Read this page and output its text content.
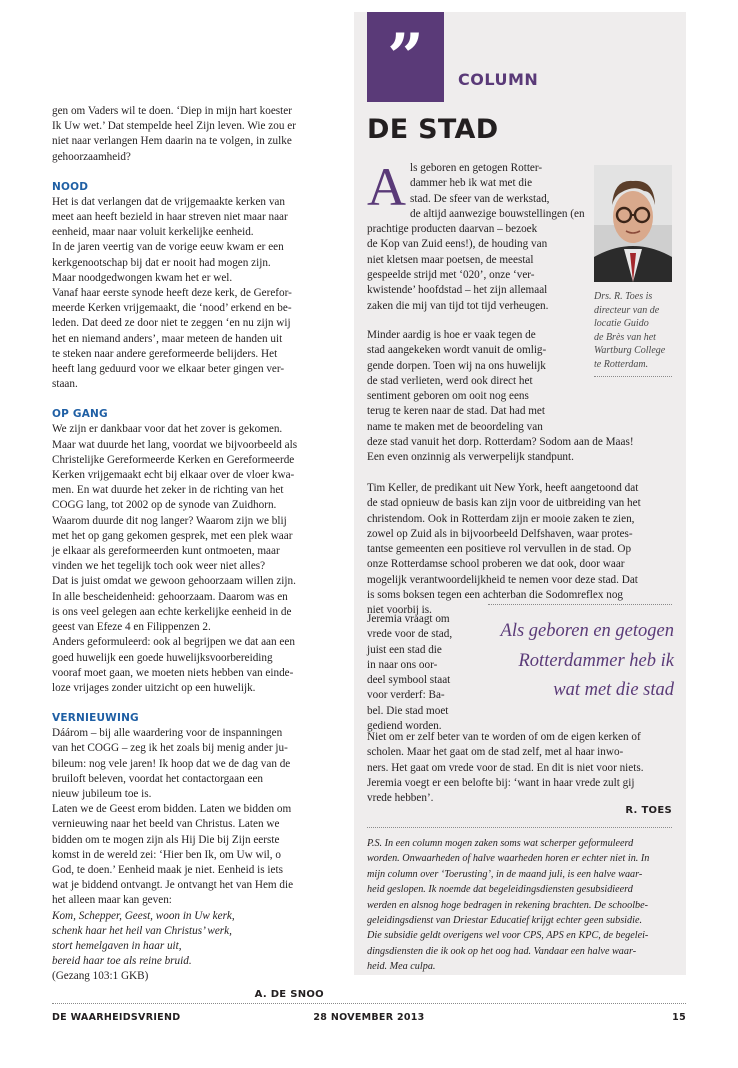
gen om Vaders wil te doen. ‘Diep in mijn hart koester
Ik Uw wet.’ Dat stempelde heel Zijn leven. Wie zou er
niet naar verlangen Hem daarin na te volgen, in zulke
gehoorzaamheid?

NOOD

Het is dat verlangen dat de vrijgemaakte kerken van
meet aan heeft bezield in haar streven niet maar naar
eenheid, maar naar voluit kerkelijke eenheid.
In de jaren veertig van de vorige eeuw kwam er een
kerkgenootschap bij dat er nooit had mogen zijn.
Maar noodgedwongen kwam het er wel.
Vanaf haar eerste synode heeft deze kerk, de Gerefor-
meerde Kerken vrijgemaakt, die ‘nood’ erkend en be-
leden. Dat deed ze door niet te zeggen ‘en nu zijn wij
het en niemand anders’, maar meteen de handen uit
te steken naar andere gereformeerde belijders. Het
heeft lang geduurd voor we elkaar beter gingen ver-
staan.

OP GANG

We zijn er dankbaar voor dat het zover is gekomen.
Maar wat duurde het lang, voordat we bijvoorbeeld als
Christelijke Gereformeerde Kerken en Gereformeerde
Kerken vrijgemaakt echt bij elkaar over de vloer kwa-
men. En wat duurde het zeker in de richting van het
COGG lang, tot 2002 op de synode van Zuidhorn.
Waarom duurde dit nog langer? Waarom zijn we blij
met het op gang gekomen gesprek, met een plek waar
je elkaar als gereformeerden kunt ontmoeten, maar
vinden we het tegelijk toch ook weer niet alles?
Dat is juist omdat we gewoon gehoorzaam willen zijn.
In alle bescheidenheid: gehoorzaam. Daarom was en
is ons veel gelegen aan echte kerkelijke eenheid in de
geest van Efeze 4 en Filippenzen 2.
Anders geformuleerd: ook al begrijpen we dat aan een
goed huwelijk een goede huwelijksvoorbereiding
vooraf moet gaan, we moeten niets hebben van einde-
loze vrijages zonder uitzicht op een huwelijk.

VERNIEUWING

Dáárom – bij alle waardering voor de inspanningen
van het COGG – zeg ik het zoals bij menig ander ju-
bileum: nog vele jaren! Ik hoop dat we de dag van de
bruiloft beleven, voordat het contactorgaan een
nieuw jubileum toe is.
Laten we de Geest erom bidden. Laten we bidden om
vernieuwing naar het beeld van Christus. Laten we
bidden om te mogen zijn als Hij Die bij Zijn eerste
komst in de wereld zei: ‘Hier ben Ik, om Uw wil, o
God, te doen.’ Eenheid maak je niet. Eenheid is iets
wat je biddend ontvangt. Je ontvangt het van Hem die
het alleen maar kan geven:
Kom, Schepper, Geest, woon in Uw kerk,
schenk haar het heil van Christus’ werk,
stort hemelgaven in haar uit,
bereid haar toe als reine bruid.

(Gezang 103:1 GKB)

A. DE SNOO

”	COLUMN
DE STAD
A ls geboren en getogen Rotter-
dammer heb ik wat met die
stad. De sfeer van de werkstad,
de altijd aanwezige bouwstellingen (en
prachtige producten daarvan – bezoek
de Kop van Zuid eens!), de houding van
niet kletsen maar poetsen, de meestal
gespeelde strijd met ‘020’, onze ‘ver-
kwistende’ hoofdstad – het zijn allemaal
zaken die mij van tijd tot tijd verheugen.
Drs. R. Toes is
directeur van de
locatie Guido
de Brès van het
Wartburg College
te Rotterdam.
Minder aardig is hoe er vaak tegen de
stad aangekeken wordt vanuit de omlig-
gende dorpen. Toen wij na ons huwelijk
de stad verlieten, werd ook direct het
sentiment geboren om ooit nog eens
terug te keren naar de stad. Dat had met
name te maken met de beoordeling van
deze stad vanuit het dorp. Rotterdam? Sodom aan de Maas!
Een even onzinnig als verwerpelijk standpunt.
Tim Keller, de predikant uit New York, heeft aangetoond dat
de stad opnieuw de basis kan zijn voor de uitbreiding van het
christendom. Ook in Rotterdam zijn er mooie zaken te zien,
zowel op Zuid als in bijvoorbeeld Delfshaven, waar protes-
tantse gemeenten een positieve rol vervullen in de stad. Op
onze Rotterdamse school proberen we dat ook, door waar
mogelijk verantwoordelijkheid te nemen voor deze stad. Dat
is soms boksen tegen een achterban die Sodomreflex nog
niet voorbij is.
Als geboren en getogen
Rotterdammer heb ik
wat met die stad
Jeremia vraagt om
vrede voor de stad,
juist een stad die
in naar ons oor-
deel symbool staat
voor verderf: Ba-
bel. Die stad moet
gediend worden.
Niet om er zelf beter van te worden of om de eigen kerken of
scholen. Maar het gaat om de stad zelf, met al haar inwo-
ners. Het gaat om vrede voor de stad. En dit is niet voor niets.
Jeremia voegt er een belofte bij: ‘want in haar vrede zult gij
vrede hebben’.
R. TOES
P.S. In een column mogen zaken soms wat scherper geformuleerd
worden. Onwaarheden of halve waarheden horen er echter niet in. In
mijn column over ‘Toerusting’, in de maand juli, is een halve waar-
heid geslopen. Ik noemde dat begeleidingsdiensten gesubsidieerd
werden en alsnog hoge bedragen in rekening brachten. De schoolbe-
geleidingsdienst van Driestar Educatief krijgt echter geen subsidie.
Die subsidie geldt overigens wel voor CPS, APS en KPC, de begelei-
dingsdiensten die ik ook op het oog had. Vandaar een halve waar-
heid. Mea culpa.
DE WAARHEIDSVRIEND	28 NOVEMBER 2013	15
